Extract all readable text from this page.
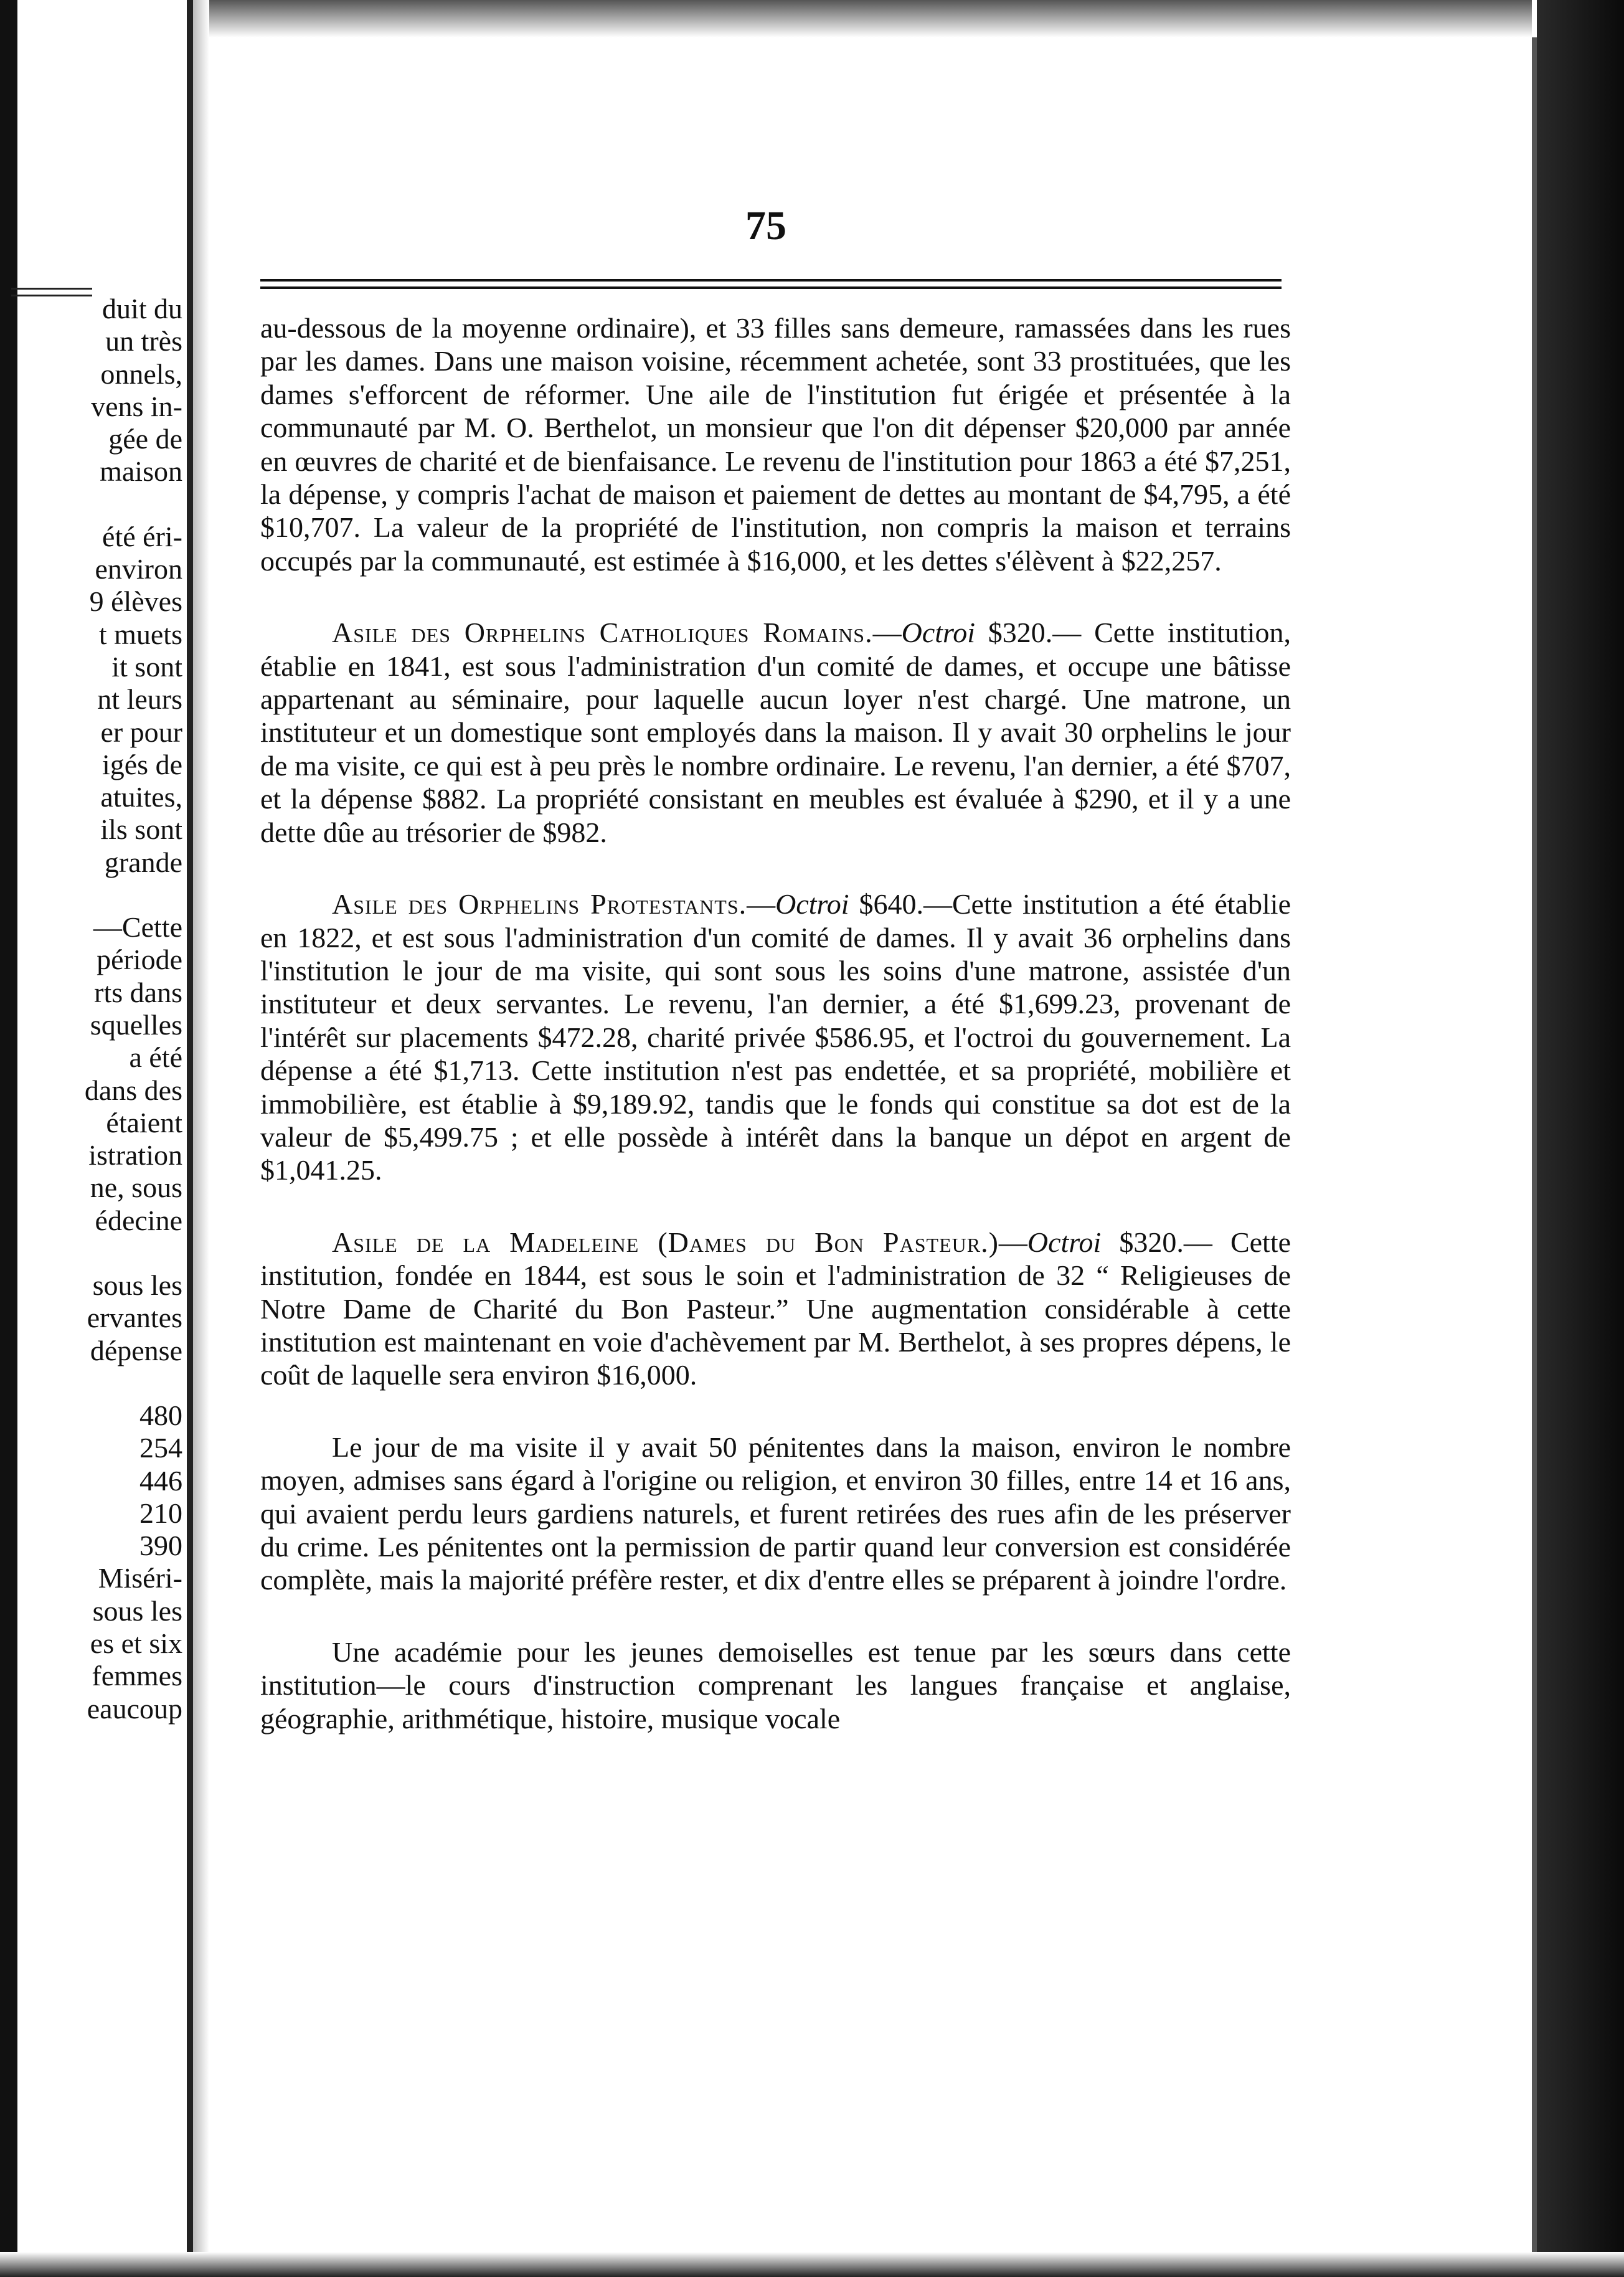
duit du
un très
onnels,
vens in-
gée de
maison
été éri-
environ
9 élèves
t muets
it sont
nt leurs
er pour
igés de
atuites,
ils sont
grande
—Cette
période
rts dans
squelles
a été
dans des
étaient
istration
ne, sous
édecine
sous les
ervantes
dépense
480
254
446
210
390
Miséri-
sous les
es et six
femmes
eaucoup
75

au-dessous de la moyenne ordinaire), et 33 filles sans demeure, ramassées dans les rues par les dames. Dans une maison voisine, récemment achetée, sont 33 prostituées, que les dames s'efforcent de réformer. Une aile de l'institution fut érigée et présentée à la communauté par M. O. Berthelot, un monsieur que l'on dit dépenser $20,000 par année en œuvres de charité et de bienfaisance. Le revenu de l'institution pour 1863 a été $7,251, la dépense, y compris l'achat de maison et paiement de dettes au montant de $4,795, a été $10,707. La valeur de la propriété de l'institution, non compris la maison et terrains occupés par la communauté, est estimée à $16,000, et les dettes s'élèvent à $22,257.

Asile des Orphelins Catholiques Romains.—Octroi $320.— Cette institution, établie en 1841, est sous l'administration d'un comité de dames, et occupe une bâtisse appartenant au séminaire, pour laquelle aucun loyer n'est chargé. Une matrone, un instituteur et un domestique sont employés dans la maison. Il y avait 30 orphelins le jour de ma visite, ce qui est à peu près le nombre ordinaire. Le revenu, l'an dernier, a été $707, et la dépense $882. La propriété consistant en meubles est évaluée à $290, et il y a une dette dûe au trésorier de $982.

Asile des Orphelins Protestants.—Octroi $640.—Cette institution a été établie en 1822, et est sous l'administration d'un comité de dames. Il y avait 36 orphelins dans l'institution le jour de ma visite, qui sont sous les soins d'une matrone, assistée d'un instituteur et deux servantes. Le revenu, l'an dernier, a été $1,699.23, provenant de l'intérêt sur placements $472.28, charité privée $586.95, et l'octroi du gouvernement. La dépense a été $1,713. Cette institution n'est pas endettée, et sa propriété, mobilière et immobilière, est établie à $9,189.92, tandis que le fonds qui constitue sa dot est de la valeur de $5,499.75 ; et elle possède à intérêt dans la banque un dépot en argent de $1,041.25.

Asile de la Madeleine (Dames du Bon Pasteur.)—Octroi $320.— Cette institution, fondée en 1844, est sous le soin et l'administration de 32 “ Religieuses de Notre Dame de Charité du Bon Pasteur.” Une augmentation considérable à cette institution est maintenant en voie d'achèvement par M. Berthelot, à ses propres dépens, le coût de laquelle sera environ $16,000.

Le jour de ma visite il y avait 50 pénitentes dans la maison, environ le nombre moyen, admises sans égard à l'origine ou religion, et environ 30 filles, entre 14 et 16 ans, qui avaient perdu leurs gardiens naturels, et furent retirées des rues afin de les préserver du crime. Les pénitentes ont la permission de partir quand leur conversion est considérée complète, mais la majorité préfère rester, et dix d'entre elles se préparent à joindre l'ordre.

Une académie pour les jeunes demoiselles est tenue par les sœurs dans cette institution—le cours d'instruction comprenant les langues française et anglaise, géographie, arithmétique, histoire, musique vocale
